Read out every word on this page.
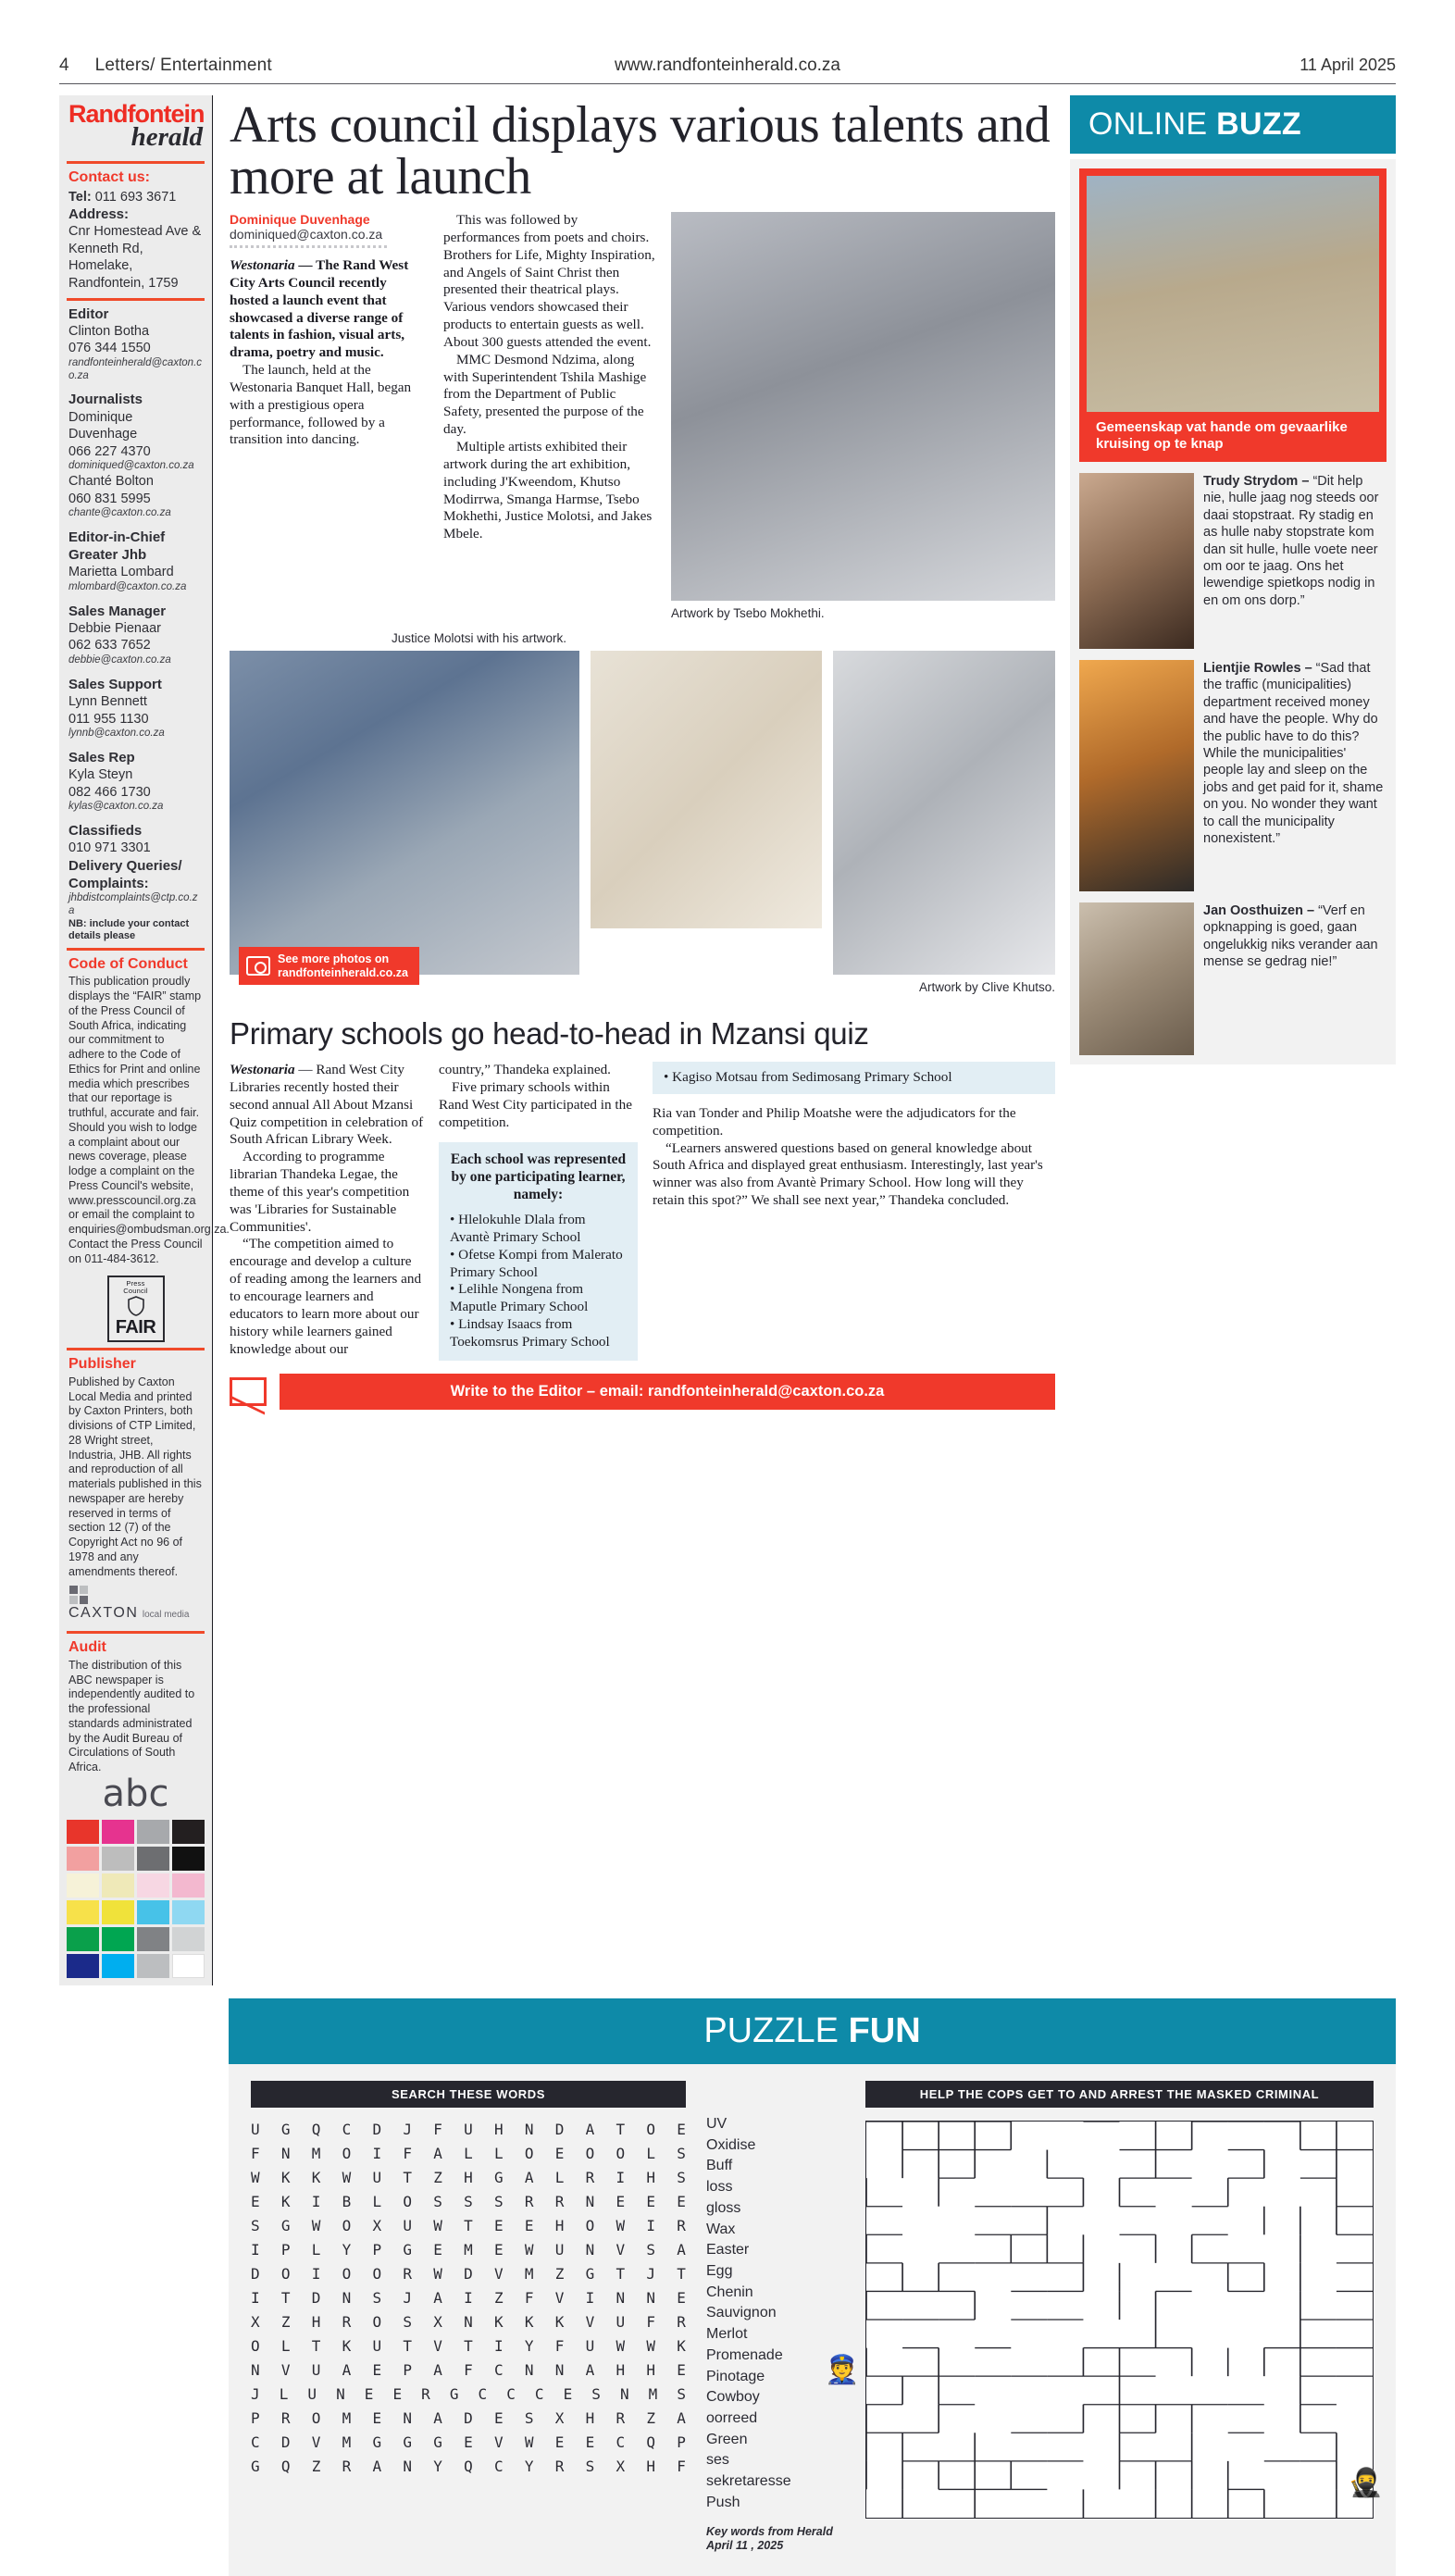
4 Letters/ Entertainment	www.randfonteinherald.co.za	11 April 2025
Randfontein
herald
Contact us:
Tel: 011 693 3671
Address:
Cnr Homestead Ave &
Kenneth Rd,
Homelake,
Randfontein, 1759
Editor
Clinton Botha
076 344 1550
randfonteinherald@caxton.co.za
Journalists
Dominique Duvenhage
066 227 4370
dominiqued@caxton.co.za
Chanté Bolton
060 831 5995
chante@caxton.co.za
Editor-in-Chief Greater Jhb
Marietta Lombard
mlombard@caxton.co.za
Sales Manager
Debbie Pienaar
062 633 7652
debbie@caxton.co.za
Sales Support
Lynn Bennett
011 955 1130
lynnb@caxton.co.za
Sales Rep
Kyla Steyn
082 466 1730
kylas@caxton.co.za
Classifieds
010 971 3301
Delivery Queries/ Complaints:
jhbdistcomplaints@ctp.co.za
NB: include your contact details please
Code of Conduct
This publication proudly displays the “FAIR” stamp of the Press Council of South Africa, indicating our commitment to adhere to the Code of Ethics for Print and online media which prescribes that our reportage is truthful, accurate and fair. Should you wish to lodge a complaint about our news coverage, please lodge a complaint on the Press Council's website, www.presscouncil.org.za or email the complaint to enquiries@ombudsman.org.za. Contact the Press Council on 011-484-3612.
Press Council
FAIR
Publisher
Published by Caxton Local Media and printed by Caxton Printers, both divisions of CTP Limited, 28 Wright street, Industria, JHB. All rights and reproduction of all materials published in this newspaper are hereby reserved in terms of section 12 (7) of the Copyright Act no 96 of 1978 and any amendments thereof.
CAXTON local media
Audit
The distribution of this ABC newspaper is independently audited to the professional standards administrated by the Audit Bureau of Circulations of South Africa.
abc
Arts council displays various talents and more at launch
Dominique Duvenhage
dominiqued@caxton.co.za

Westonaria — The Rand West City Arts Council recently hosted a launch event that showcased a diverse range of talents in fashion, visual arts, drama, poetry and music.

The launch, held at the Westonaria Banquet Hall, began with a prestigious opera performance, followed by a transition into dancing.

This was followed by performances from poets and choirs. Brothers for Life, Mighty Inspiration, and Angels of Saint Christ then presented their theatrical plays. Various vendors showcased their products to entertain guests as well. About 300 guests attended the event.

MMC Desmond Ndzima, along with Superintendent Tshila Mashige from the Department of Public Safety, presented the purpose of the day.

Multiple artists exhibited their artwork during the art exhibition, including J'Kweendom, Khutso Modirrwa, Smanga Harmse, Tsebo Mokhethi, Justice Molotsi, and Jakes Mbele.

Artwork by Tsebo Mokhethi.
Justice Molotsi with his artwork.
See more photos on
randfonteinherald.co.za
Artwork by Clive Khutso.
Primary schools go head-to-head in Mzansi quiz

Westonaria — Rand West City Libraries recently hosted their second annual All About Mzansi Quiz competition in celebration of South African Library Week.

According to programme librarian Thandeka Legae, the theme of this year's competition was 'Libraries for Sustainable Communities'.

“The competition aimed to encourage and develop a culture of reading among the learners and to encourage learners and educators to learn more about our history while learners gained knowledge about our

country,” Thandeka explained.

Five primary schools within Rand West City participated in the competition.

Each school was represented by one participating learner, namely:
• Hlelokuhle Dlala from Avantè Primary School
• Ofetse Kompi from Malerato Primary School
• Lelihle Nongena from Maputle Primary School
• Lindsay Isaacs from Toekomsrus Primary School
• Kagiso Motsau from Sedimosang Primary School

Ria van Tonder and Philip Moatshe were the adjudicators for the competition.

“Learners answered questions based on general knowledge about South Africa and displayed great enthusiasm. Interestingly, last year's winner was also from Avantè Primary School. How long will they retain this spot?” We shall see next year,” Thandeka concluded.

Write to the Editor – email: randfonteinherald@caxton.co.za
ONLINE BUZZ
Gemeenskap vat hande om gevaarlike kruising op te knap
Trudy Strydom – “Dit help nie, hulle jaag nog steeds oor daai stopstraat. Ry stadig en as hulle naby stopstrate kom dan sit hulle, hulle voete neer om oor te jaag. Ons het lewendige spietkops nodig in en om ons dorp.”
Lientjie Rowles – “Sad that the traffic (municipalities) department received money and have the people. Why do the public have to do this? While the municipalities' people lay and sleep on the jobs and get paid for it, shame on you. No wonder they want to call the municipality nonexistent.”
Jan Oosthuizen – “Verf en opknapping is goed, gaan ongelukkig niks verander aan mense se gedrag nie!”
PUZZLE FUN
SEARCH THESE WORDS
U G Q C D J F U H N D A T O E
F N M O I F A L L O E O O L S
W K K W U T Z H G A L R I H S
E K I B L O S S S R R N E E E
S G W O X U W T E E H O W I R
I P L Y P G E M E W U N V S A
D O I O O R W D V M Z G T J T
I T D N S J A I Z F V I N N E
X Z H R O S X N K K K V U F R
O L T K U T V T I Y F U W W K
N V U A E P A F C N N A H H E
J L U N E E R G C C C E S N M S
P R O M E N A D E S X H R Z A
C D V M G G G E V W E E C Q P
G Q Z R A N Y Q C Y R S X H F
UV
Oxidise
Buff
loss
gloss
Wax
Easter
Egg
Chenin
Sauvignon
Merlot
Promenade
Pinotage
Cowboy
oorreed
Green
ses
sekretaresse
Push
Key words from Herald April 11 , 2025
HELP THE COPS GET TO AND ARREST THE MASKED CRIMINAL
👮
🥷
